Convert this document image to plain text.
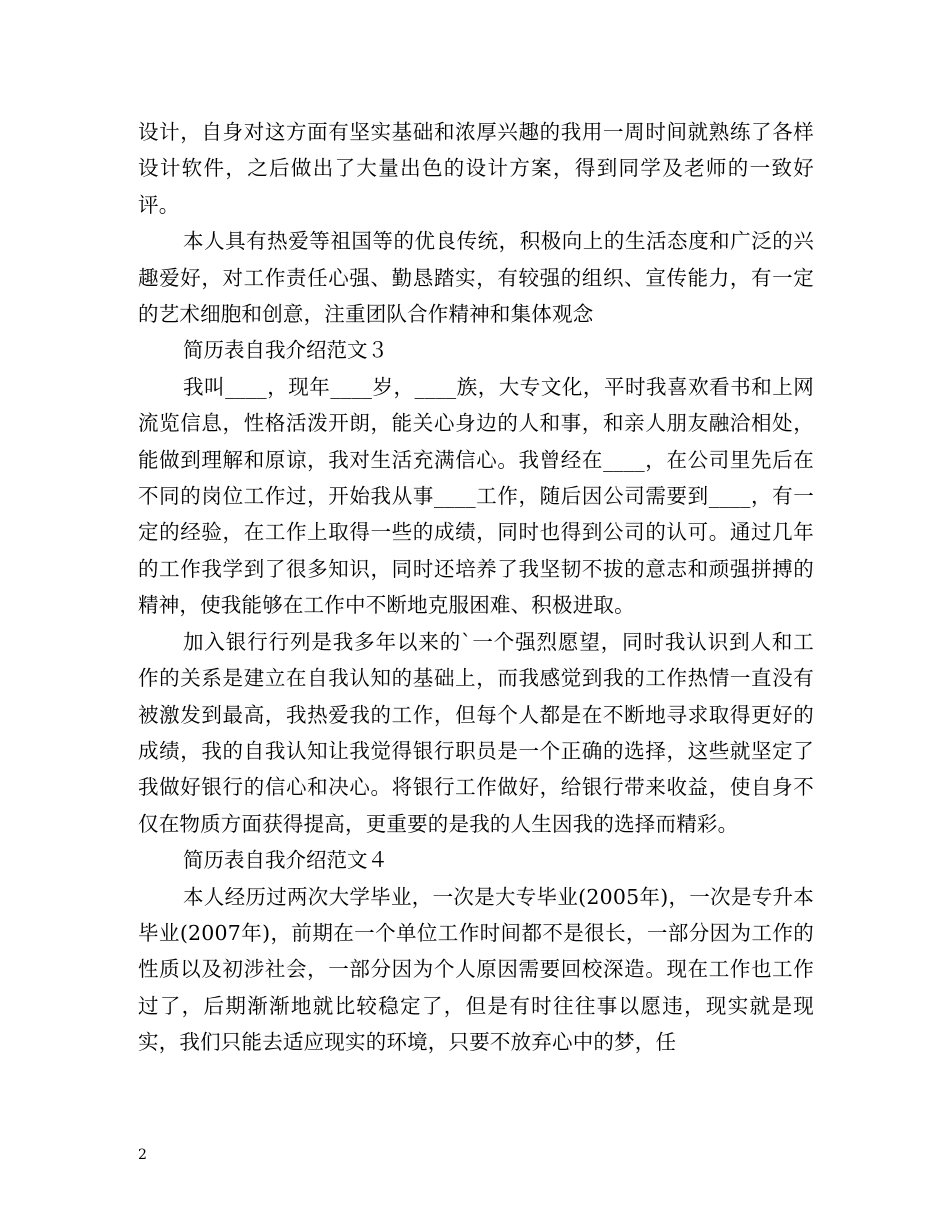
设计，自身对这方面有坚实基础和浓厚兴趣的我用一周时间就熟练了各样设计软件，之后做出了大量出色的设计方案，得到同学及老师的一致好评。

本人具有热爱等祖国等的优良传统，积极向上的生活态度和广泛的兴趣爱好，对工作责任心强、勤恳踏实，有较强的组织、宣传能力，有一定的艺术细胞和创意，注重团队合作精神和集体观念

简历表自我介绍范文３

我叫____，现年____岁，____族，大专文化，平时我喜欢看书和上网流览信息，性格活泼开朗，能关心身边的人和事，和亲人朋友融洽相处，能做到理解和原谅，我对生活充满信心。我曾经在____，在公司里先后在不同的岗位工作过，开始我从事____工作，随后因公司需要到____，有一定的经验，在工作上取得一些的成绩，同时也得到公司的认可。通过几年的工作我学到了很多知识，同时还培养了我坚韧不拔的意志和顽强拼搏的精神，使我能够在工作中不断地克服困难、积极进取。

加入银行行列是我多年以来的`一个强烈愿望，同时我认识到人和工作的关系是建立在自我认知的基础上，而我感觉到我的工作热情一直没有被激发到最高，我热爱我的工作，但每个人都是在不断地寻求取得更好的成绩，我的自我认知让我觉得银行职员是一个正确的选择，这些就坚定了我做好银行的信心和决心。将银行工作做好，给银行带来收益，使自身不仅在物质方面获得提高，更重要的是我的人生因我的选择而精彩。

简历表自我介绍范文４

本人经历过两次大学毕业，一次是大专毕业(2005年)，一次是专升本毕业(2007年)，前期在一个单位工作时间都不是很长，一部分因为工作的性质以及初涉社会，一部分因为个人原因需要回校深造。现在工作也工作过了，后期渐渐地就比较稳定了，但是有时往往事以愿违，现实就是现实，我们只能去适应现实的环境，只要不放弃心中的梦，任

2
